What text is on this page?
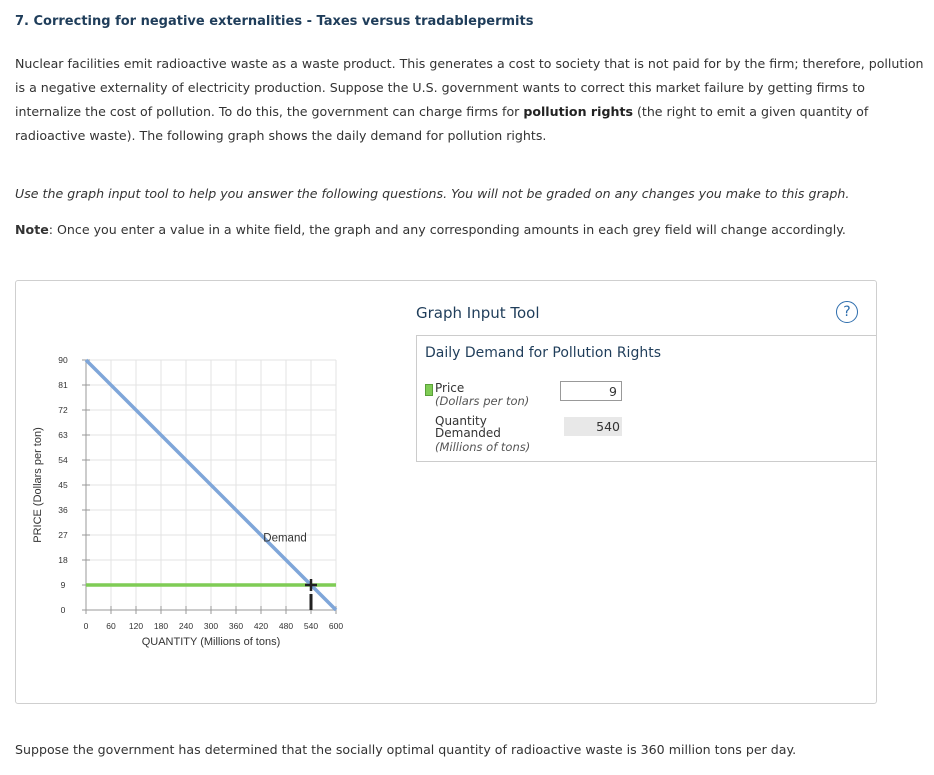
7. Correcting for negative externalities - Taxes versus tradablepermits

Nuclear facilities emit radioactive waste as a waste product. This generates a cost to society that is not paid for by the firm; therefore, pollution is a negative externality of electricity production. Suppose the U.S. government wants to correct this market failure by getting firms to internalize the cost of pollution. To do this, the government can charge firms for pollution rights (the right to emit a given quantity of radioactive waste). The following graph shows the daily demand for pollution rights.

Use the graph input tool to help you answer the following questions. You will not be graded on any changes you make to this graph.

Note: Once you enter a value in a white field, the graph and any corresponding amounts in each grey field will change accordingly.

0 60 120 180 240 300 360 420 480 540 600
0
9
18
27
36
45
54
63
72
81
90
QUANTITY (Millions of tons)
PRICE (Dollars per ton)	Demand
Graph Input Tool	?
Daily Demand for Pollution Rights
Price
(Dollars per ton)
9
Quantity
Demanded
(Millions of tons)
540

Suppose the government has determined that the socially optimal quantity of radioactive waste is 360 million tons per day.
